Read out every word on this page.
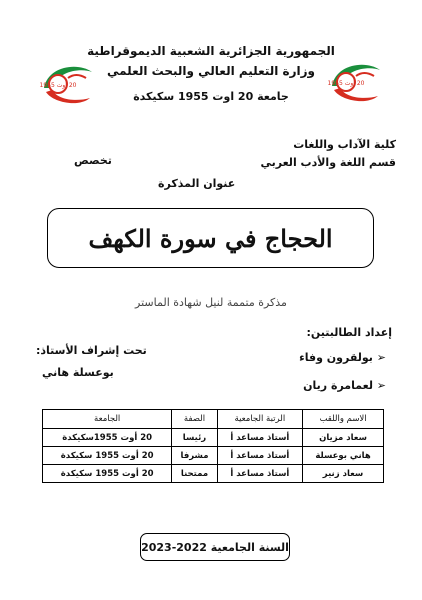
الجمهورية الجزائرية الشعبية الديموقراطية
20 أوت 1955	20 أوت 1955
وزارة التعليم العالي والبحث العلمي
جامعة 20 اوت 1955 سكيكدة
كلية الآداب واللغات
قسم اللغة والأدب العربي
تخصص
عنوان المذكرة
الحجاج في سورة الكهف
مذكرة متممة لنيل شهادة الماستر
إعداد الطالبتين:
➢ بولقرون وفاء
➢ لعمامرة ريان
تحت إشراف الأستاذ:
بوعسلة هاني
الاسم واللقب	الرتبة الجامعية	الصفة	الجامعة
سعاد مزيان	أستاذ مساعد أ	رئيسا	20 أوت 1955سكيكدة
هاني بوعسلة	أستاذ مساعد أ	مشرفا	20 أوت 1955 سكيكدة
سعاد زنير	أستاذ مساعد أ	ممتحنا	20 أوت 1955 سكيكدة
السنة الجامعية 2022-2023
